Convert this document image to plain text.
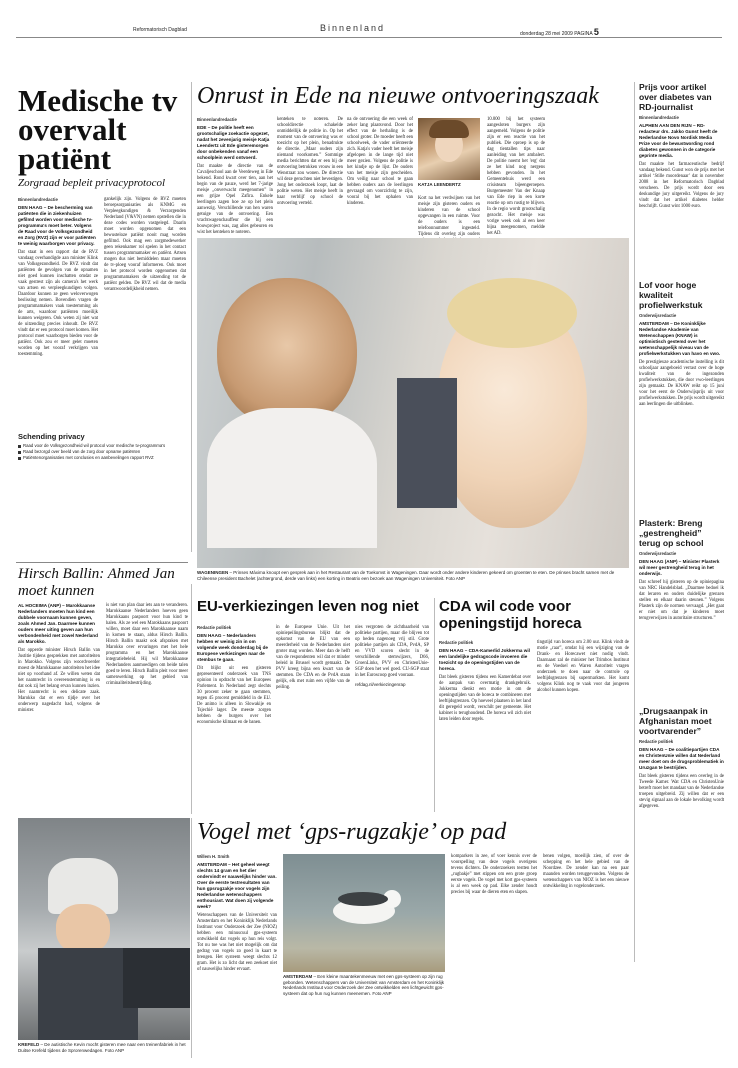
Reformatorisch Dagblad	Binnenland
donderdag 28 mei 2009 PAGINA 5
Medische tv overvalt patiënt
Zorgraad bepleit privacyprotocol
Binnenlandredactie
DEN HAAG – De bescherming van patiënten die in ziekenhuizen gefilmd worden voor medische tv-programma's moet beter. Volgens de Raad voor de Volksgezondheid en Zorg (RVZ) zijn er voor patiënten te weinig waarborgen voor privacy.
Dat staat in een rapport dat de RVZ vandaag overhandigde aan minister Klink van Volksgezondheid. De RVZ vindt dat patiënten de gevolgen van de opnamen niet goed kunnen inschatten omdat ze vaak gestrest zijn als camera's het werk van artsen en verpleegkundigen volgen. Daardoor kunnen ze geen weloverwogen beslissing nemen. Bovendien vragen de programmamakers vaak toestemming als de arts, waardoor patiënten moeilijk kunnen weigeren. Ook weten zij niet wat de uitzending precies inhoudt. De RVZ vindt dat er een protocol moet komen. Het protocol moet waarborgen bieden voor de patiënt. Ook zou er meer gelet moeten worden op het vooraf verkrijgen van toestemming.
gankelijk zijn. Volgens de RVZ moeten beroepsorganisaties als KNMG en Verpleegkundigen & Verzorgenden Nederland (V&VN) nemen opstellen die in deze codes worden vastgelegd. Daarin moet worden opgenomen dat een bewusteloze patiënt nooit mag worden gefilmd. Ook mag een zorgmedewerker geen rekenkamer rol spelen in het contact tussen programmamaker en patiënt. Artsen mogen dus niet bemiddelen maar moeten de tv-ploeg vooraf informeren. Ook moet in het protocol worden opgenomen dat programmamakers de uitzending tot de patiënt gelden. De RVZ wil dat de media verantwoordelijkheid nemen.
Schending privacy
Raad voor de Volksgezondheid wil protocol voor medische tv-programma's
Raad bezorgd over beeld van de zorg door opname patiënten
Patiëntenorganisaties met conclusies en aanbevelingen rapport RVZ
Onrust in Ede na nieuwe ontvoeringszaak
Binnenlandredactie
EDE – De politie heeft een grootschalige zoekactie opgezet, nadat het zevenjarig meisje Katja Leendertz uit Ede gisteremorgen door onbekenden vanaf een schoolplein werd ontvoerd.
Dat maakte de directie van de Cavaljeschool aan de Veerdeweg in Ede bekend. Rond kwart over tien, aan het begin van de pauze, werd het 7-jarige meisje „onverwacht meegenomen” in een grijze Opel Zafira. Enkele leerlingen zagen hoe ze op het plein aanwezig. Verschillende van hen waren getuige van de ontvoering. Een vrachtwagenchauffeur die bij een bouwproject was, zag alles gebeuren en wist het kenteken te noteren.
kenteken te noteren. De schooldirectie schakelde onmiddellijk de politie in. Op het moment van de ontvoering was er toezicht op het plein, benadrukte de directie. „Maar ouders zijn niemand voorkomen.” Sommige media berichtten dat er een bij de ontvoering betrokken vrouw in een Wenstraat zou wonen. De directie wil deze geruchten niet bevestigen. Jong het onderzoek loopt, laat de politie weten. Het meisje heeft in haar verblijf op school de ontvoering verteld.
na de ontvoering die een week of zeker lang plaatsvond. Door het effect van de herhaling is de school groter. De moeder heeft een schoolweek, de vader oriënteerde zich. Katja's vader heeft het meisje afgelopen in de lange tijd niet meer gezien. Volgens de politie is het kindje op de lijst. De ouders van het meisje zijn gescheiden. Om veilig naar school te gaan hebben ouders aan de leerlingen gevraagd om voorzichtig te zijn, vooral bij het ophalen van kinderen.
KATJA LEENDERTZ
Kort na het verdwijnen van het meisje zijn gisteren ouders en kinderen van de school opgevangen in een ruimte. Voor de ouders is een telefoonnummer ingesteld. Tijdens dit overleg zijn ouders
10.000 bij het systeem aangesloten burgers zijn aangemeld. Volgens de politie zijn er een reactie van het publiek. Die oproep is op de dag tientallen tips naar aanleiding van het ambalert. De politie noemt het 'erg' dat ze het kind nog nergens hebben gevonden. In het Gemeentehuis werd een crisisteam bijeengeroepen. Burgemeester Van der Knaap van Ede riep in een korte reactie op om rustig te blijven. In de regio wordt grootschalig gezocht. Het meisje was vorige week ook al een keer bijna meegenomen, meldde het AD.
WAGENINGEN – Prinses Máxima knoopt een gesprek aan in het Restaurant van de Toekomst in Wageningen. Daar wordt onder andere kinderen gekeerd om groenten te eten. De prinses bracht samen met de Chileense president Bachelet (achtergrond, derde van links) een korting in Beatrix een bezoek aan Wageningen Universiteit. Foto ANP
Prijs voor artikel over diabetes van RD-journalist
Binnenlandredactie
ALPHEN AAN DEN RIJN – RD-redacteur drs. Jakko Gunst heeft de Nederlandse Novo Nordisk Media Prize voor de bewustwording rond diabetes gewonnen in de categorie geprinte media.
Dat maakte het farmaceutische bedrijf vandaag bekend. Gunst won de prijs met het artikel ‘Stille moordenaar’ dat in november 2008 in het Reformatorisch Dagblad verscheen. De prijs wordt door een deskundige jury uitgereikt. Volgens de jury vindt dat het artikel diabetes helder beschrijft. Gunst wint 1000 euro.
Lof voor hoge kwaliteit profielwerkstuk
Onderwijsredactie
AMSTERDAM – De Koninklijke Nederlandse Akademie van Wetenschappen (KNAW) is optimistisch gestemd over het wetenschappelijk niveau van de profielwerkstukken van havo en vwo.
De prestigieuze academische instelling is dit schooljaar aangeboeid verrast over de hoge kwaliteit van de ingezonden profielwerkstukken, die door vwo-leerlingen zijn gemaakt. De KNAW reikt op 15 juni voor het eerst de Onderwijsprijs uit voor profielwerkstukken. De prijs wordt uitgereikt aan leerlingen die uitblinken.
Plasterk: Breng „gestrengheid” terug op school
Onderwijsredactie
DEN HAAG (ANP) – Minister Plasterk wil meer gestrengheid terug in het onderwijs.
Dat schreef hij gisteren op de opiniepagina van NRC Handelsblad. „Daarmee bedoel ik dat leraren en ouders duidelijke grenzen stellen en elkaar daarin steunen.” Volgens Plasterk zijn de normen vervaagd. „Het gaat er niet om dat je kinderen moet terugverwijzen in autoritaire structuren.”
„Drugsaanpak in Afghanistan moet voortvarender”
Redactie politiek
DEN HAAG – De coalitiepartijen CDA en ChristenUnie willen dat Nederland meer doet om de drugsproblematiek in Uruzgan te bestrijden.
Dat bleek gisteren tijdens een overleg in de Tweede Kamer. Wat CDA en ChristenUnie betreft moet het mandaat van de Nederlandse troepen uitgebreid. Zij willen dat er een stevig signaal aan de lokale bevolking wordt afgegeven.
Hirsch Ballin: Ahmed Jan moet kunnen
AL HOCEIMA (ANP) – Marokkaanse Nederlanders moeten hun kind een dubbele voornaam kunnen geven, zoals Ahmed Jan. Daarmee kunnen ouders meer uiting geven aan hun verbondenheid met zowel Nederland als Marokko.
Dat opperde minister Hirsch Ballin van Justitie tijdens gesprekken met autoriteiten in Marokko. Volgens zijn woordvoerder moest de Marokkaanse autoriteiten het idee niet op voorhand af. Ze willen weten dat het naamrecht in overeenstemming is en dat ook zij het belang ervan kunnen inzien. Het naamrecht is een delicate zaak. Marokko dat er een tijdje over het onderwerp nagedacht had, volgens de minister.
is niet van plan daar iets aan te veranderen. Marokkaanse Nederlanders hoeven geen Marokkaans paspoort voor hun kind te halen. Als ze wel een Marokkaans paspoort willen, moet daar een Marokkaanse naam in komen te staan, aldus Hirsch Ballin. Hirsch Ballin maakt ook afspraken met Marokko over ervaringen met het hele programma en het Marokkaanse integratiebeleid. Hij wil Marokkaanse Nederlanders aanmoedigen om beide talen goed te leren. Hirsch Ballin pleit voor meer samenwerking op het gebied van criminaliteitsbestrijding.
EU-verkiezingen leven nog niet
Redactie politiek
DEN HAAG – Nederlanders hebben er weinig zin in om volgende week donderdag bij de Europese verkiezingen naar de stembus te gaan.
Dit blijkt uit een gisteren gepresenteerd onderzoek van TNS opinion in opdracht van het Europees Parlement. In Nederland zegt slechts 30 procent zeker te gaan stemmen, tegen 45 procent gemiddeld in de EU. De animo is alleen in Slowakije en Tsjechië lager. De meeste zorgen hebben de burgers over het economische klimaat en de banen.
in de Europese Unie. Uit het opiniepeilingsbureau blijkt dat de opkomst van de EU van een meerderheid van de Nederlanders niet groter mag worden. Meer dan de helft van de respondenten wil dat er minder beleid in Brussel wordt gemaakt. De PVV kreeg bijna een kwart van de stemmen. De CDA en de PvdA staan gelijk, elk met ruim een vijfde van de peiling.
nies vergroten de zichtbaarheid van politieke partijen, maar die blijven tot op heden nagenoeg vrij stil. Grote politieke partijen als CDA, PvdA, SP en VVD scoren slecht in de verschillende stemwijzers, D66, GroenLinks, PVV en ChristenUnie-SGP doen het wel goed. CU-SGP staat in het Euroscoop goed vooraan.
refdag.nl/verkiezingenrap
CDA wil code voor openingstijd horeca
Redactie politiek
DEN HAAG – CDA-Kamerlid Jokkerma wil een landelijke gedragscode invoeren die toezicht op de openingstijden van de horeca.
Dat bleek gisteren tijdens een Kamerdebat over de aanpak van overmatig drankgebruik. Jokkerma dienkt een motie in om de openingstijden van de horeca te combineren met leeftijdsgrenzen. Op hoeveel plaatsen in het land dit geregeld wordt, verschilt per gemeente. Het kabinet is terughoudend. De horeca wil zich niet laten leiden door regels.
tingstijd van horeca om 2.00 uur. Klink vindt de motie „raar”, omdat hij een wijziging van de Drank- en Horecawet niet nodig vindt. Daarnaast zal de minister het Trimbos Instituut en de Voedsel en Waren Autoriteit vragen onderzoek te doen naar de controle op leeftijdsgrenzen bij supermarkten. Het komt volgens Klink nog te vaak voor dat jongeren alcohol kunnen kopen.
KREFELD – De autistische Kevin mocht gisteren mee naar een treinenfabriek in het Duitse Krefeld tijdens de Sprorenwedagen. Foto ANP
Vogel met ‘gps-rugzakje’ op pad
Willem H. Smith
AMSTERDAM – Het geheel weegt slechts 14 gram en het dier ondervindt er nauwelijks hinder van. Over de eerste testresultaten van hun gpsrugzakje voor vogels zijn Nederlandse wetenschappers enthousiast. Wat doen zij volgende week?
Wetenschappers van de Universiteit van Amsterdam en het Koninklijk Nederlands Instituut voor Onderzoek der Zee (NIOZ) hebben een minuscuul gps-systeem ontwikkeld dat vogels op hun reis volgt. Tot nu toe was het niet mogelijk om dat gedrag van vogels zo goed in kaart te brengen. Het systeem weegt slechts 12 gram. Het is zo licht dat een zeekoet niet of nauwelijks hinder ervaart.
AMSTERDAM – Een kleine maantekenmeeuw met een gps-systeem op zijn rug gebonden. Wetenschappers van de Universiteit van Amsterdam en het Koninklijk Nederlands Instituut voor Onderzoek der Zee ontwikkelden een lichtgewicht gps-systeem dat op hun rug kunnen meenemen. Foto ANP
komparkers in zee, of voer kennis over de voorspelling van deze vogels overigens tevens dichters. De onderzoekers testten het „rugbakje” met stippen om een grote groep eerste vogels. De vogel met kort gps-systeem is al een week op pad. Elke zender houdt precies bij waar de dieren eten en slapen.
benen volgen, moeilijk zien, of over de schepping en het hele gebied van de Noordzee. De zender kan na een paar maanden worden teruggevonden. Volgens de wetenschappers van NIOZ is het een nieuwe ontwikkeling in vogelonderzoek.
